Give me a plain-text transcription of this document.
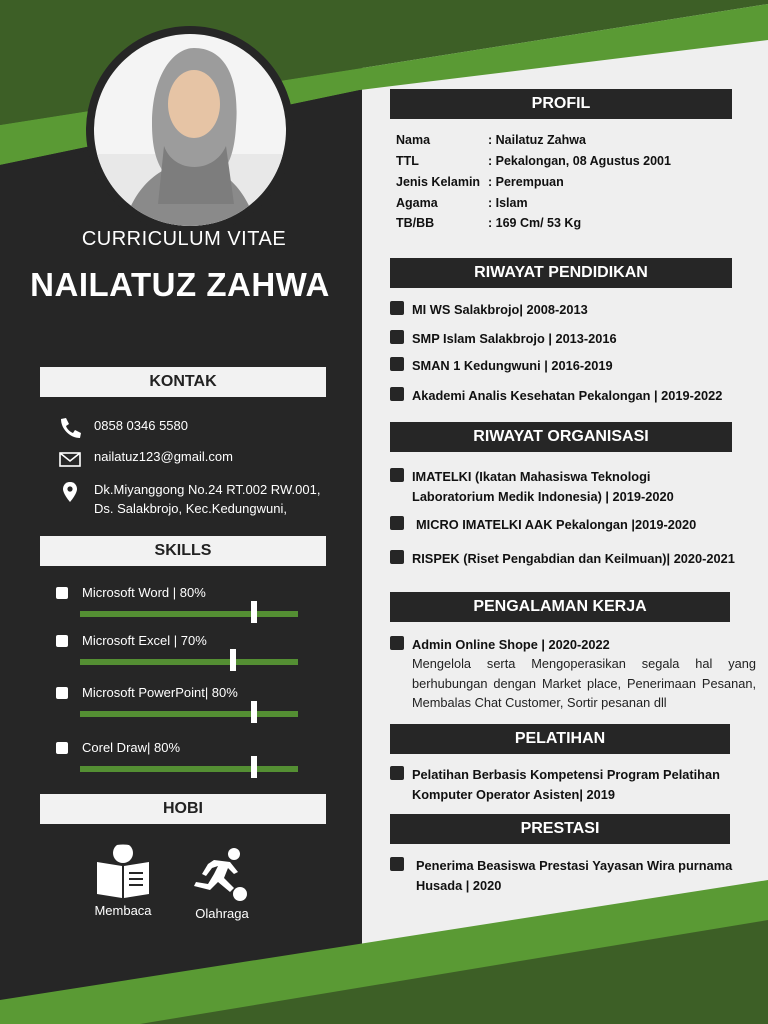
CURRICULUM VITAE
NAILATUZ ZAHWA
KONTAK
0858 0346 5580
nailatuz123@gmail.com
Dk.Miyanggong No.24 RT.002 RW.001,
Ds. Salakbrojo, Kec.Kedungwuni,
SKILLS
Microsoft Word | 80%
Microsoft Excel | 70%
Microsoft PowerPoint| 80%
Corel Draw| 80%
HOBI
Membaca	Olahraga
PROFIL
Nama	: Nailatuz Zahwa
TTL	: Pekalongan, 08 Agustus 2001
Jenis Kelamin : Perempuan
Agama	: Islam
TB/BB	: 169 Cm/ 53 Kg
RIWAYAT PENDIDIKAN
MI WS Salakbrojo| 2008-2013
SMP Islam Salakbrojo | 2013-2016
SMAN 1 Kedungwuni | 2016-2019
Akademi Analis Kesehatan Pekalongan | 2019-2022
RIWAYAT ORGANISASI
IMATELKI (Ikatan Mahasiswa Teknologi
Laboratorium Medik Indonesia) | 2019-2020
MICRO IMATELKI AAK Pekalongan |2019-2020
RISPEK (Riset Pengabdian dan Keilmuan)| 2020-2021
PENGALAMAN KERJA
Admin Online Shope | 2020-2022
Mengelola serta Mengoperasikan segala hal yang berhubungan dengan Market place, Penerimaan Pesanan, Membalas Chat Customer, Sortir pesanan dll
PELATIHAN
Pelatihan Berbasis Kompetensi Program Pelatihan
Komputer Operator Asisten| 2019
PRESTASI
Penerima Beasiswa Prestasi Yayasan Wira purnama
Husada | 2020
